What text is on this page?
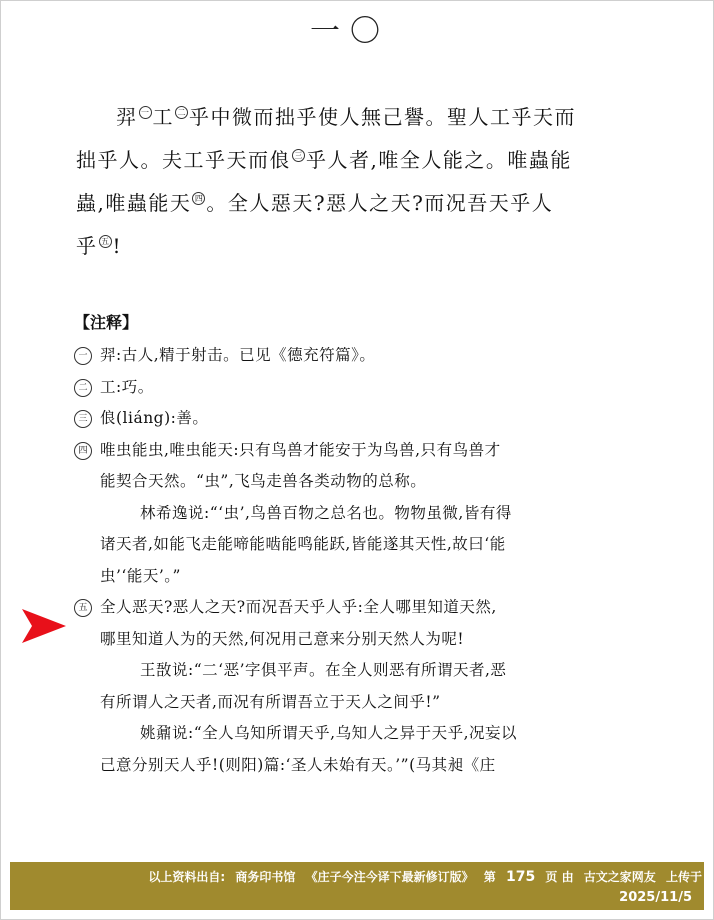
一〇
羿 $^一$ 工 $^二$ 乎中微而拙乎使人無己譽。聖人工乎天而
拙乎人。夫工乎天而俍 $^三$ 乎人者,唯全人能之。唯蟲能
蟲,唯蟲能天 $^四$ 。全人惡天?惡人之天?而况吾天乎人
乎 $^五$ !
【注释】
一 羿:古人,精于射击。已见《德充符篇》。
二 工:巧。
三 俍(liáng):善。
四 唯虫能虫,唯虫能天:只有鸟兽才能安于为鸟兽,只有鸟兽才
能契合天然。“虫”,飞鸟走兽各类动物的总称。
林希逸说:“‘虫’,鸟兽百物之总名也。物物虽微,皆有得
诸天者,如能飞走能啼能啮能鸣能跃,皆能遂其天性,故曰‘能
虫’‘能天’。”
五 全人恶天?恶人之天?而况吾天乎人乎:全人哪里知道天然,
哪里知道人为的天然,何况用己意来分别天然人为呢!
王敔说:“二‘恶’字俱平声。在全人则恶有所谓天者,恶
有所谓人之天者,而况有所谓吾立于天人之间乎!”
姚鼐说:“全人乌知所谓天乎,乌知人之异于天乎,况妄以
己意分别天人乎!(则阳)篇:‘圣人未始有天。’”(马其昶《庄
以上资料出自: 商务印书馆 《庄子今注今译下最新修订版》 第 175 页 由 古文之家网友 上传于
2025/11/5
